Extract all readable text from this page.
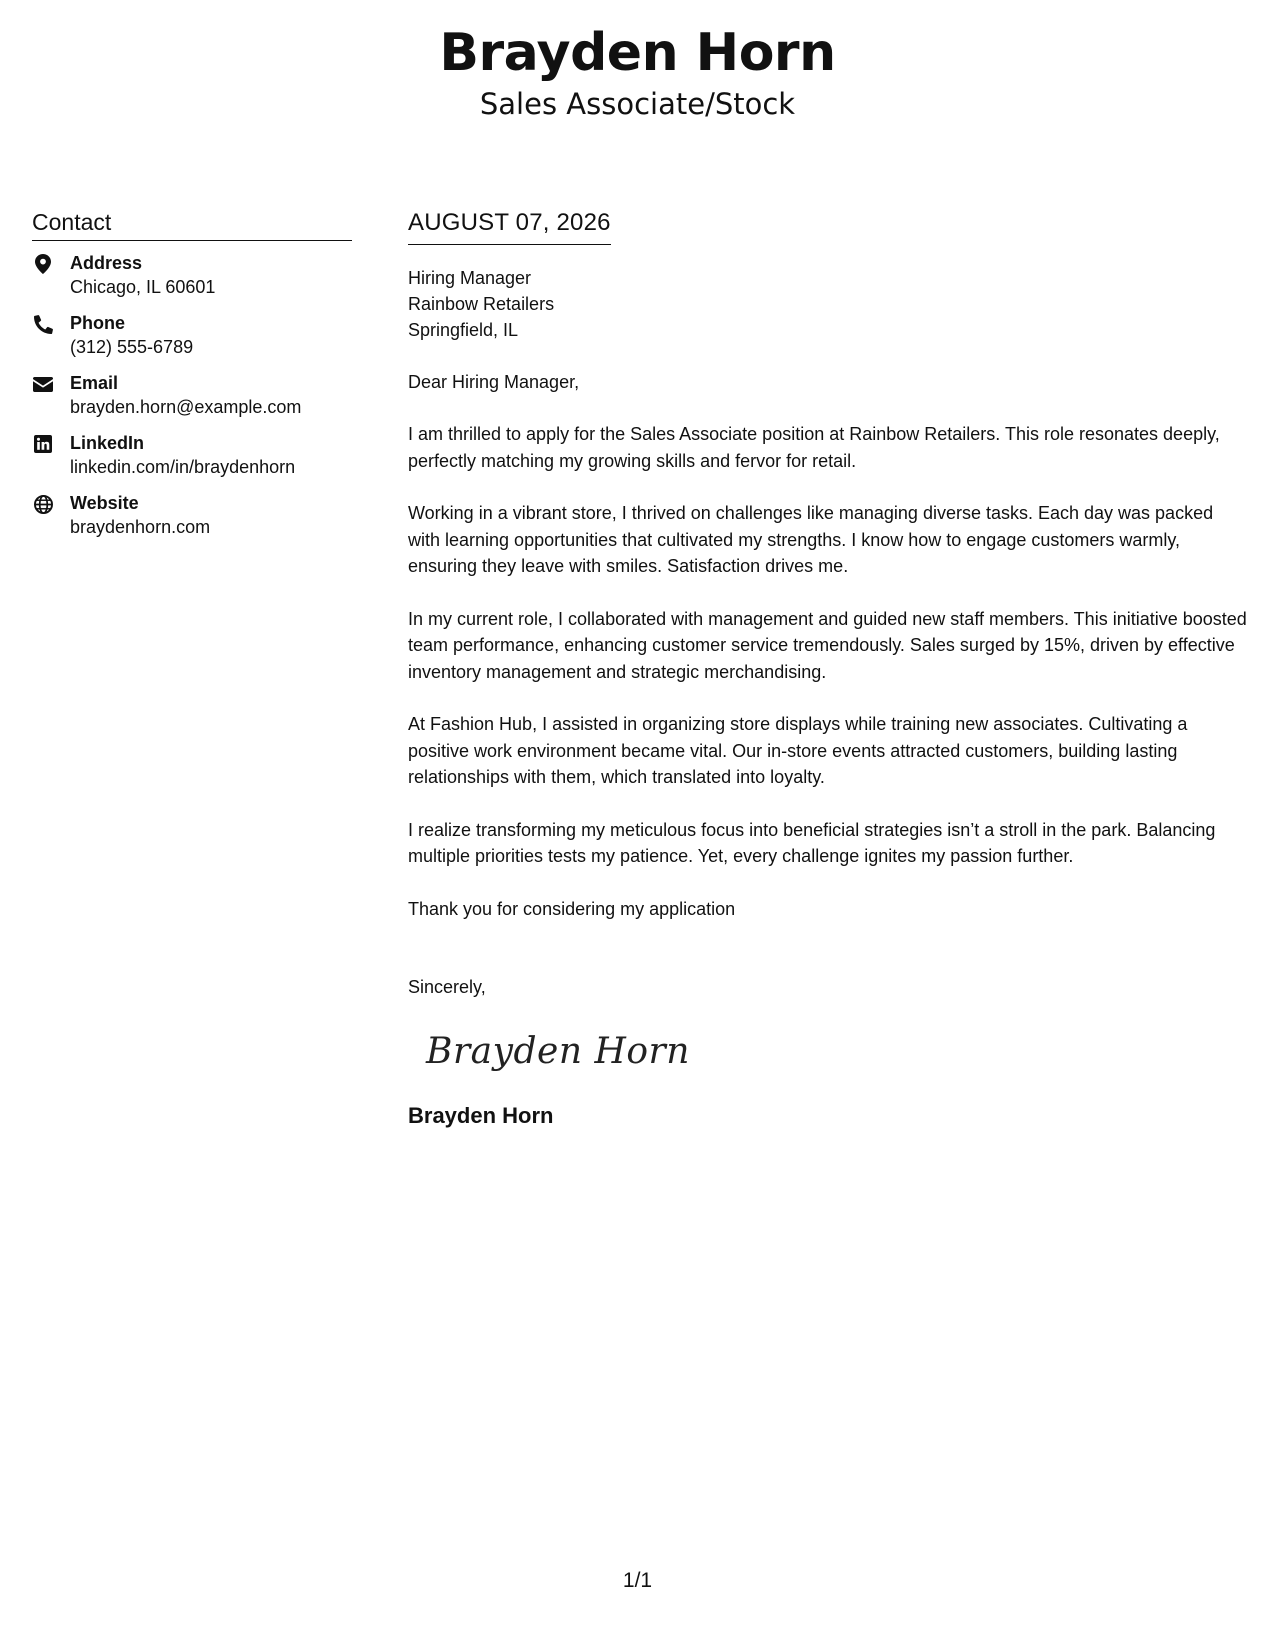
Brayden Horn
Sales Associate/Stock
Contact
Address
Chicago, IL 60601
Phone
(312) 555-6789
Email
brayden.horn@example.com
LinkedIn
linkedin.com/in/braydenhorn
Website
braydenhorn.com
AUGUST 07, 2026
Hiring Manager
Rainbow Retailers
Springfield, IL
Dear Hiring Manager,
I am thrilled to apply for the Sales Associate position at Rainbow Retailers. This role resonates deeply, perfectly matching my growing skills and fervor for retail.
Working in a vibrant store, I thrived on challenges like managing diverse tasks. Each day was packed with learning opportunities that cultivated my strengths. I know how to engage customers warmly, ensuring they leave with smiles. Satisfaction drives me.
In my current role, I collaborated with management and guided new staff members. This initiative boosted team performance, enhancing customer service tremendously. Sales surged by 15%, driven by effective inventory management and strategic merchandising.
At Fashion Hub, I assisted in organizing store displays while training new associates. Cultivating a positive work environment became vital. Our in-store events attracted customers, building lasting relationships with them, which translated into loyalty.
I realize transforming my meticulous focus into beneficial strategies isn’t a stroll in the park. Balancing multiple priorities tests my patience. Yet, every challenge ignites my passion further.
Thank you for considering my application
Sincerely,
Brayden Horn
Brayden Horn
1/1
